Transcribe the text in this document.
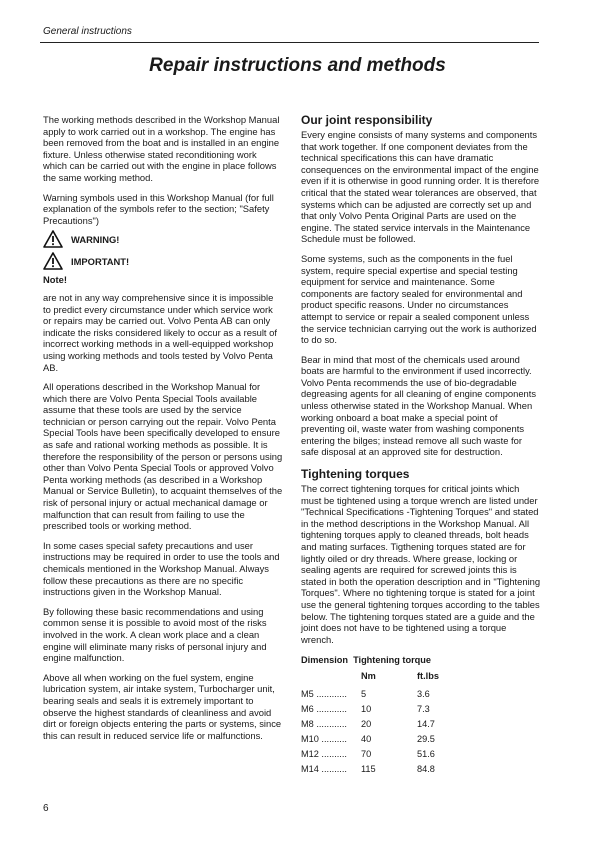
General instructions
Repair instructions and methods

The working methods described in the Workshop Manual apply to work carried out in a workshop. The engine has been removed from the boat and is installed in an engine fixture. Unless otherwise stated reconditioning work which can be carried out with the engine in place follows the same working method.

Warning symbols used in this Workshop Manual (for full explanation of the symbols refer to the section; "Safety Precautions")

WARNING!
IMPORTANT!
Note!

are not in any way comprehensive since it is impossible to predict every circumstance under which service work or repairs may be carried out. Volvo Penta AB can only indicate the risks considered likely to occur as a result of incorrect working methods in a well-equipped workshop using working methods and tools tested by Volvo Penta AB.

All operations described in the Workshop Manual for which there are Volvo Penta Special Tools available assume that these tools are used by the service technician or person carrying out the repair. Volvo Penta Special Tools have been specifically developed to ensure as safe and rational working methods as possible. It is therefore the responsibility of the person or persons using other than Volvo Penta Special Tools or approved Volvo Penta working methods (as described in a Workshop Manual or Service Bulletin), to acquaint themselves of the risk of personal injury or actual mechanical damage or malfunction that can result from failing to use the prescribed tools or working method.

In some cases special safety precautions and user instructions may be required in order to use the tools and chemicals mentioned in the Workshop Manual. Always follow these precautions as there are no specific instructions given in the Workshop Manual.

By following these basic recommendations and using common sense it is possible to avoid most of the risks involved in the work. A clean work place and a clean engine will eliminate many risks of personal injury and engine malfunction.

Above all when working on the fuel system, engine lubrication system, air intake system, Turbocharger unit, bearing seals and seals it is extremely important to observe the highest standards of cleanliness and avoid dirt or foreign objects entering the parts or systems, since this can result in reduced service life or malfunctions.

Our joint responsibility

Every engine consists of many systems and components that work together. If one component deviates from the technical specifications this can have dramatic consequences on the environmental impact of the engine even if it is otherwise in good running order. It is therefore critical that the stated wear tolerances are observed, that systems which can be adjusted are correctly set up and that only Volvo Penta Original Parts are used on the engine. The stated service intervals in the Maintenance Schedule must be followed.

Some systems, such as the components in the fuel system, require special expertise and special testing equipment for service and maintenance. Some components are factory sealed for environmental and product specific reasons. Under no circumstances attempt to service or repair a sealed component unless the service technician carrying out the work is authorized to do so.

Bear in mind that most of the chemicals used around boats are harmful to the environment if used incorrectly. Volvo Penta recommends the use of bio-degradable degreasing agents for all cleaning of engine components unless otherwise stated in the Workshop Manual. When working onboard a boat make a special point of preventing oil, waste water from washing components entering the bilges; instead remove all such waste for safe disposal at an approved site for destruction.

Tightening torques

The correct tightening torques for critical joints which must be tightened using a torque wrench are listed under "Technical Specifications -Tightening Torques" and stated in the method descriptions in the Workshop Manual. All tightening torques apply to cleaned threads, bolt heads and mating surfaces. Tigthening torques stated are for lightly oiled or dry threads. Where grease, locking or sealing agents are required for screwed joints this is stated in both the operation description and in "Tightening Torques". Where no tightening torque is stated for a joint use the general tightening torques according to the tables below. The tightening torques stated are a guide and the joint does not have to be tightened using a torque wrench.

Dimension  Tightening torque
Nm	ft.lbs
M5 ............	5	3.6
M6 ............	10	7.3
M8 ............	20	14.7
M10 ..........	40	29.5
M12 ..........	70	51.6
M14 ..........	115	84.8
6
